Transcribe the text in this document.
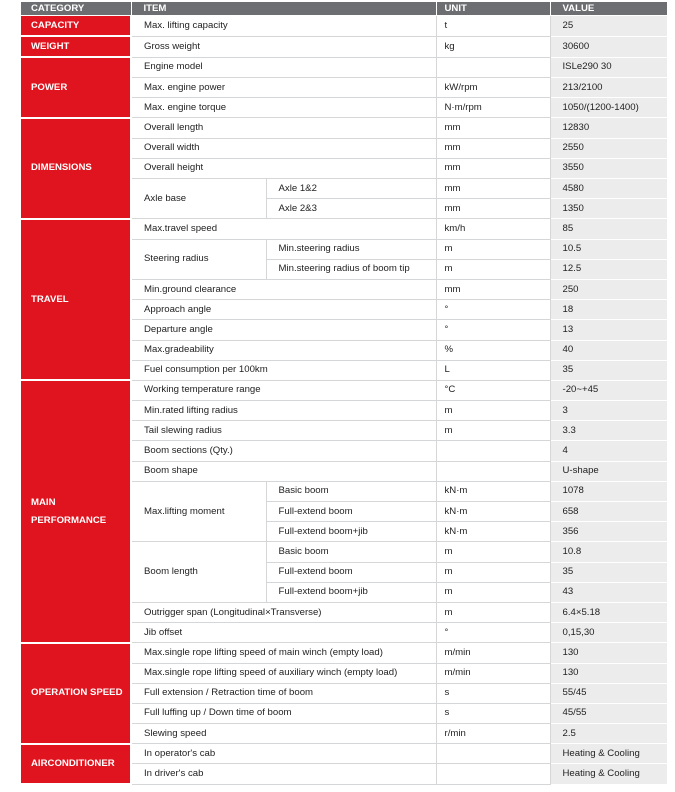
CATEGORY	ITEM		UNIT	VALUE
CAPACITY	Max. lifting capacity		t	25
WEIGHT	Gross weight		kg	30600
POWER	Engine model			ISLe290 30
	Max. engine power		kW/rpm	213/2100
	Max. engine torque		N·m/rpm	1050/(1200-1400)
DIMENSIONS	Overall length		mm	12830
	Overall width		mm	2550
	Overall height		mm	3550
	Axle base	Axle 1&2	mm	4580
		Axle 2&3	mm	1350
TRAVEL	Max.travel speed		km/h	85
	Steering radius	Min.steering radius	m	10.5
		Min.steering radius of boom tip	m	12.5
	Min.ground clearance		mm	250
	Approach angle		°	18
	Departure angle		°	13
	Max.gradeability		%	40
	Fuel consumption per 100km		L	35
MAIN
PERFORMANCE	Working temperature range		°C	-20~+45
	Min.rated lifting radius		m	3
	Tail slewing radius		m	3.3
	Boom sections (Qty.)			4
	Boom shape			U-shape
	Max.lifting moment	Basic boom	kN·m	1078
		Full-extend boom	kN·m	658
		Full-extend boom+jib	kN·m	356
	Boom length	Basic boom	m	10.8
		Full-extend boom	m	35
		Full-extend boom+jib	m	43
	Outrigger span (Longitudinal×Transverse)		m	6.4×5.18
	Jib offset		°	0,15,30
OPERATION SPEED	Max.single rope lifting speed of main winch (empty load)		m/min	130
	Max.single rope lifting speed of auxiliary winch (empty load)		m/min	130
	Full extension / Retraction time of boom		s	55/45
	Full luffing up / Down time of boom		s	45/55
	Slewing speed		r/min	2.5
AIRCONDITIONER	In operator's cab			Heating & Cooling
	In driver's cab			Heating & Cooling
